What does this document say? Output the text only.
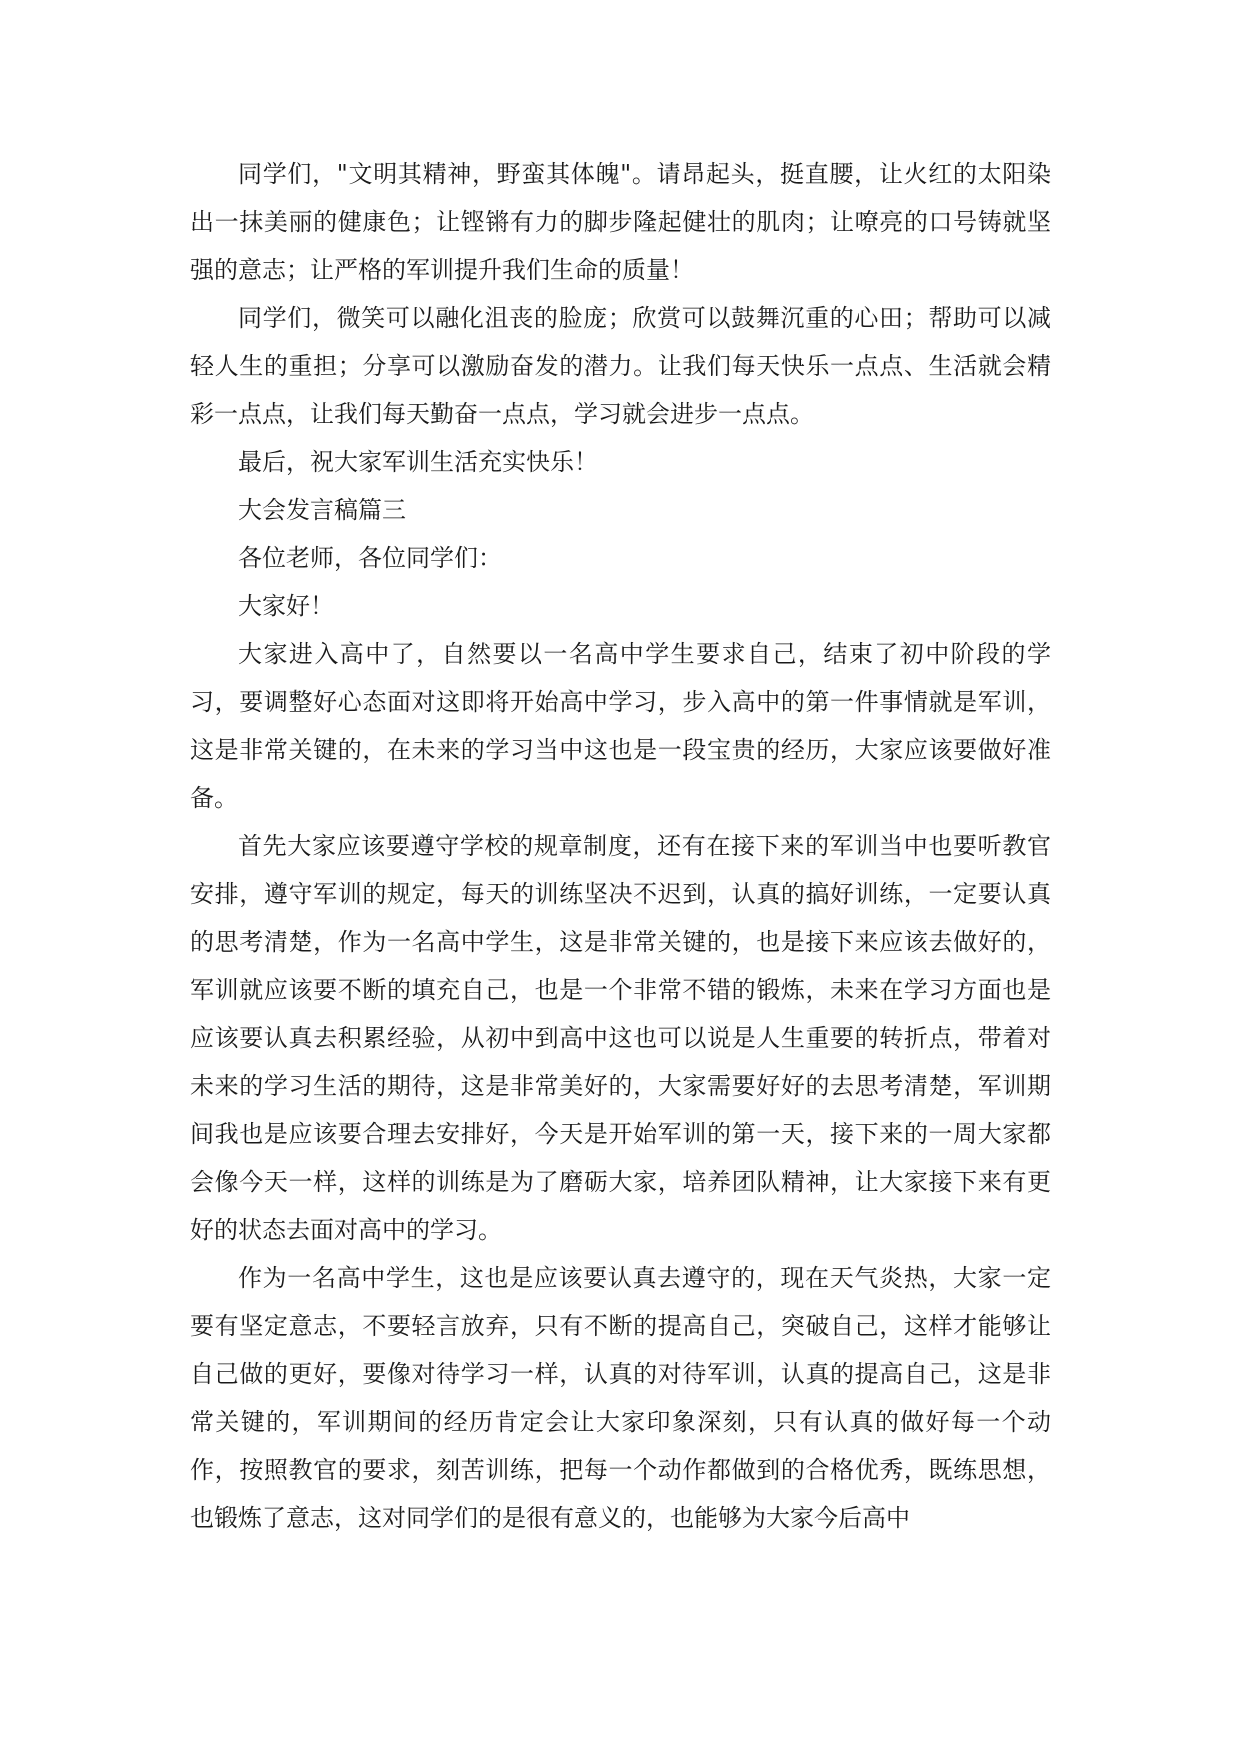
同学们，"文明其精神，野蛮其体魄"。请昂起头，挺直腰，让火红的太阳染出一抹美丽的健康色；让铿锵有力的脚步隆起健壮的肌肉；让嘹亮的口号铸就坚强的意志；让严格的军训提升我们生命的质量！

同学们，微笑可以融化沮丧的脸庞；欣赏可以鼓舞沉重的心田；帮助可以减轻人生的重担；分享可以激励奋发的潜力。让我们每天快乐一点点、生活就会精彩一点点，让我们每天勤奋一点点，学习就会进步一点点。

最后，祝大家军训生活充实快乐！

大会发言稿篇三

各位老师，各位同学们：

大家好！

大家进入高中了，自然要以一名高中学生要求自己，结束了初中阶段的学习，要调整好心态面对这即将开始高中学习，步入高中的第一件事情就是军训，这是非常关键的，在未来的学习当中这也是一段宝贵的经历，大家应该要做好准备。

首先大家应该要遵守学校的规章制度，还有在接下来的军训当中也要听教官安排，遵守军训的规定，每天的训练坚决不迟到，认真的搞好训练，一定要认真的思考清楚，作为一名高中学生，这是非常关键的，也是接下来应该去做好的，军训就应该要不断的填充自己，也是一个非常不错的锻炼，未来在学习方面也是应该要认真去积累经验，从初中到高中这也可以说是人生重要的转折点，带着对未来的学习生活的期待，这是非常美好的，大家需要好好的去思考清楚，军训期间我也是应该要合理去安排好，今天是开始军训的第一天，接下来的一周大家都会像今天一样，这样的训练是为了磨砺大家，培养团队精神，让大家接下来有更好的状态去面对高中的学习。

作为一名高中学生，这也是应该要认真去遵守的，现在天气炎热，大家一定要有坚定意志，不要轻言放弃，只有不断的提高自己，突破自己，这样才能够让自己做的更好，要像对待学习一样，认真的对待军训，认真的提高自己，这是非常关键的，军训期间的经历肯定会让大家印象深刻，只有认真的做好每一个动作，按照教官的要求，刻苦训练，把每一个动作都做到的合格优秀，既练思想，也锻炼了意志，这对同学们的是很有意义的，也能够为大家今后高中
